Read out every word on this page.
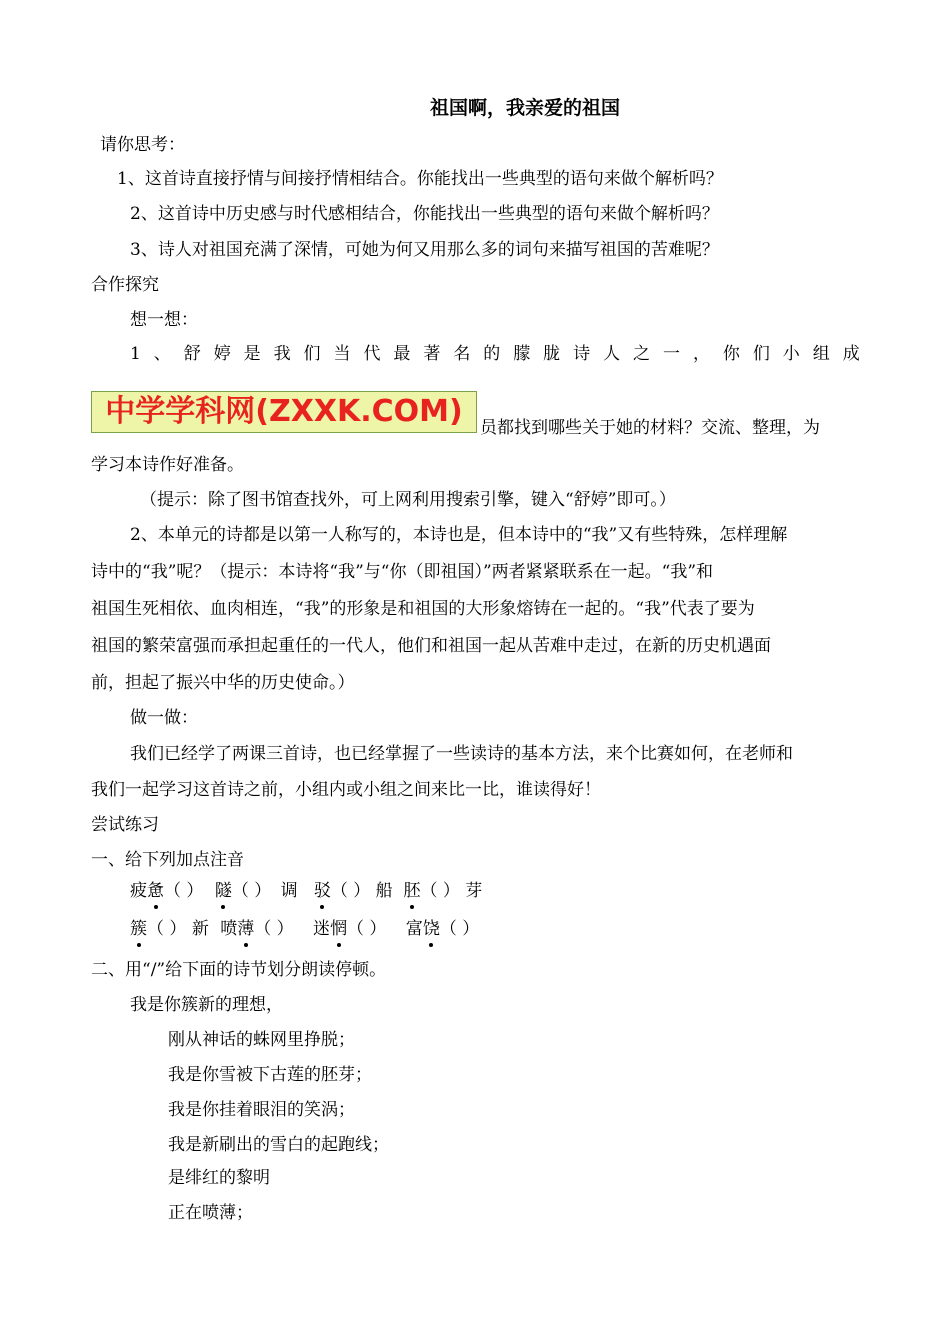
祖国啊，我亲爱的祖国
请你思考：
1、这首诗直接抒情与间接抒情相结合。你能找出一些典型的语句来做个解析吗？
2、这首诗中历史感与时代感相结合，你能找出一些典型的语句来做个解析吗？
3、诗人对祖国充满了深情，可她为何又用那么多的词句来描写祖国的苦难呢？
合作探究
想一想：
1 、 舒 婷 是 我 们 当 代 最 著 名 的 朦 胧 诗 人 之 一 ， 你 们 小 组 成
中学学科网(ZXXK.COM) 员都找到哪些关于她的材料？交流、整理，为
学习本诗作好准备。
（提示：除了图书馆查找外，可上网利用搜索引擎，键入“舒婷”即可。）
2、本单元的诗都是以第一人称写的，本诗也是，但本诗中的“我”又有些特殊，怎样理解
诗中的“我”呢？（提示：本诗将“我”与“你（即祖国）”两者紧紧联系在一起。“我”和
祖国生死相依、血肉相连，“我”的形象是和祖国的大形象熔铸在一起的。“我”代表了要为
祖国的繁荣富强而承担起重任的一代人，他们和祖国一起从苦难中走过，在新的历史机遇面
前，担起了振兴中华的历史使命。）
做一做：
我们已经学了两课三首诗，也已经掌握了一些读诗的基本方法，来个比赛如何，在老师和
我们一起学习这首诗之前，小组内或小组之间来比一比，谁读得好！
尝试练习
一、给下列加点注音
疲惫（ ） 隧（ ） 调 驳（ ） 船 胚（ ） 芽
簇（ ） 新 喷薄（ ） 迷惘（ ） 富饶（ ）
二、用“/”给下面的诗节划分朗读停顿。
我是你簇新的理想，
刚从神话的蛛网里挣脱；
我是你雪被下古莲的胚芽；
我是你挂着眼泪的笑涡；
我是新刷出的雪白的起跑线；
是绯红的黎明
正在喷薄；
